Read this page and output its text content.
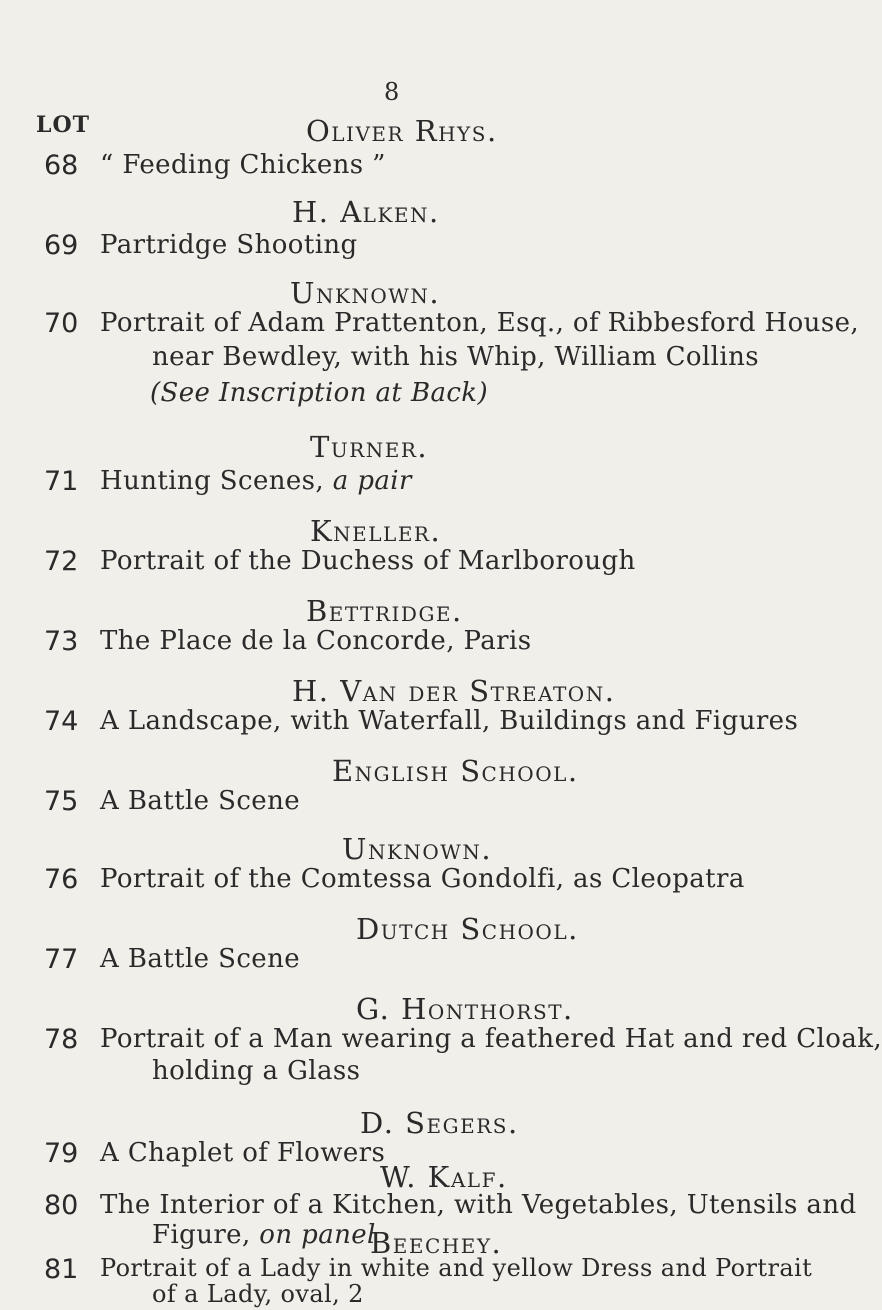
8
LOT	Oliver Rhys.
68 “ Feeding Chickens ”
H. Alken.
69 Partridge Shooting
Unknown.
70 Portrait of Adam Prattenton, Esq., of Ribbesford House,
near Bewdley, with his Whip, William Collins
(See Inscription at Back)
Turner.
71 Hunting Scenes, a pair
Kneller.
72 Portrait of the Duchess of Marlborough
Bettridge.
73 The Place de la Concorde, Paris
H. Van der Streaton.
74 A Landscape, with Waterfall, Buildings and Figures
English School.
75 A Battle Scene
Unknown.
76 Portrait of the Comtessa Gondolfi, as Cleopatra
Dutch School.
77 A Battle Scene
G. Honthorst.
78 Portrait of a Man wearing a feathered Hat and red Cloak,
holding a Glass
D. Segers.
79 A Chaplet of Flowers
W. Kalf.
80 The Interior of a Kitchen, with Vegetables, Utensils and
Figure, on panel
Beechey.
81 Portrait of a Lady in white and yellow Dress and Portrait
of a Lady, oval, 2
